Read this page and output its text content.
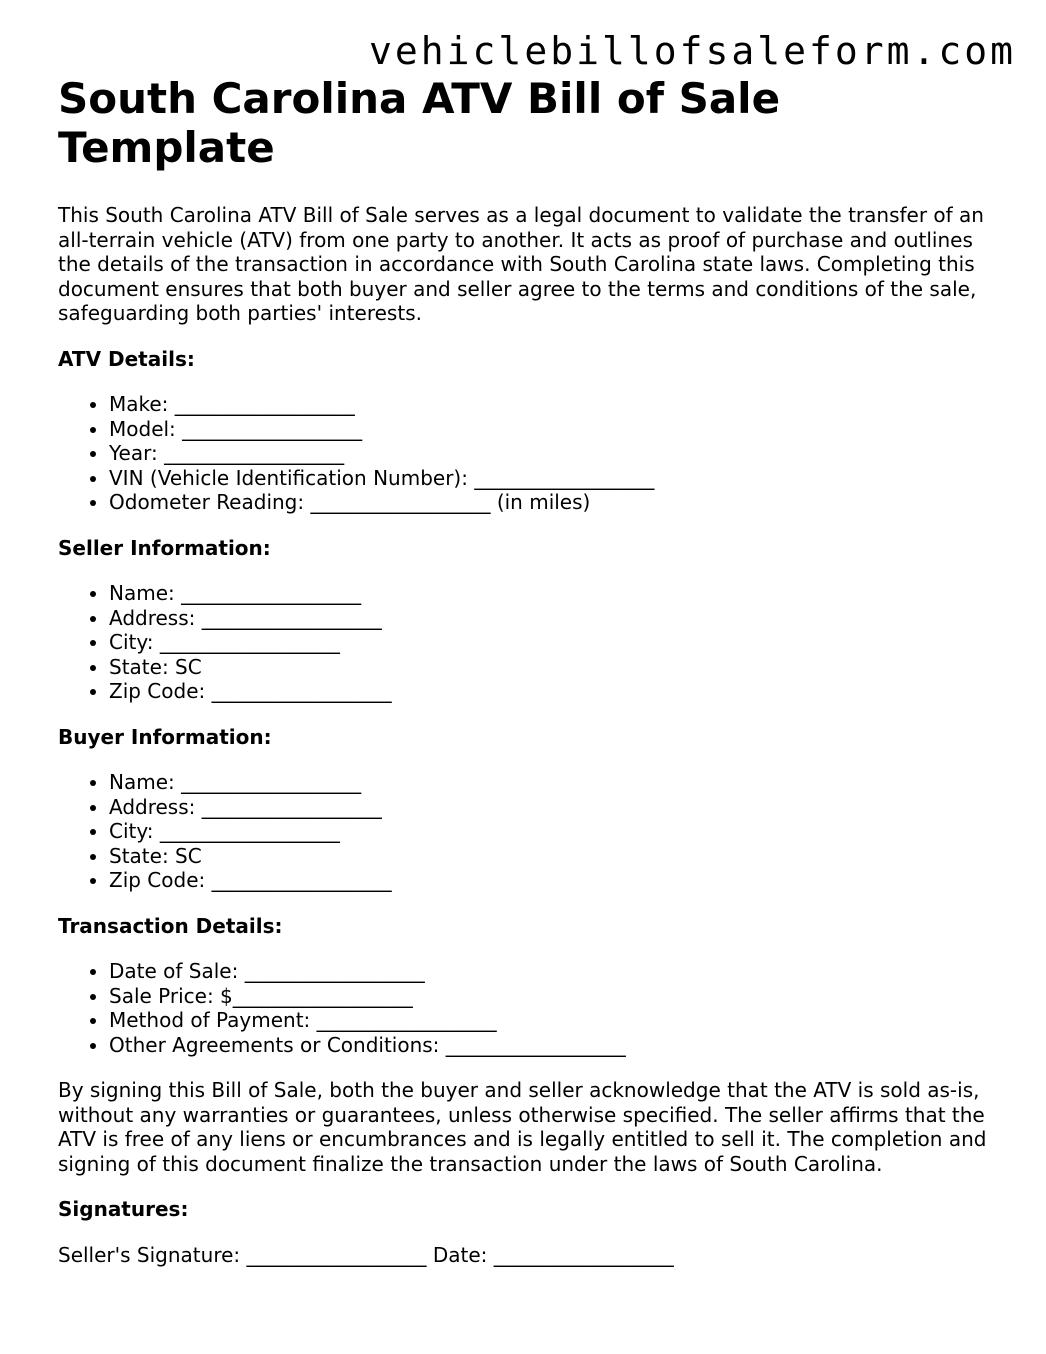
vehiclebillofsaleform.com
South Carolina ATV Bill of Sale Template

This South Carolina ATV Bill of Sale serves as a legal document to validate the transfer of an all-terrain vehicle (ATV) from one party to another. It acts as proof of purchase and outlines the details of the transaction in accordance with South Carolina state laws. Completing this document ensures that both buyer and seller agree to the terms and conditions of the sale, safeguarding both parties' interests.

ATV Details:
• Make: __________________
• Model: __________________
• Year: __________________
• VIN (Vehicle Identification Number): __________________
• Odometer Reading: __________________ (in miles)
Seller Information:
• Name: __________________
• Address: __________________
• City: __________________
• State: SC
• Zip Code: __________________
Buyer Information:
• Name: __________________
• Address: __________________
• City: __________________
• State: SC
• Zip Code: __________________
Transaction Details:
• Date of Sale: __________________
• Sale Price: $__________________
• Method of Payment: __________________
• Other Agreements or Conditions: __________________

By signing this Bill of Sale, both the buyer and seller acknowledge that the ATV is sold as-is, without any warranties or guarantees, unless otherwise specified. The seller affirms that the ATV is free of any liens or encumbrances and is legally entitled to sell it. The completion and signing of this document finalize the transaction under the laws of South Carolina.

Signatures:

Seller's Signature: __________________ Date: __________________
